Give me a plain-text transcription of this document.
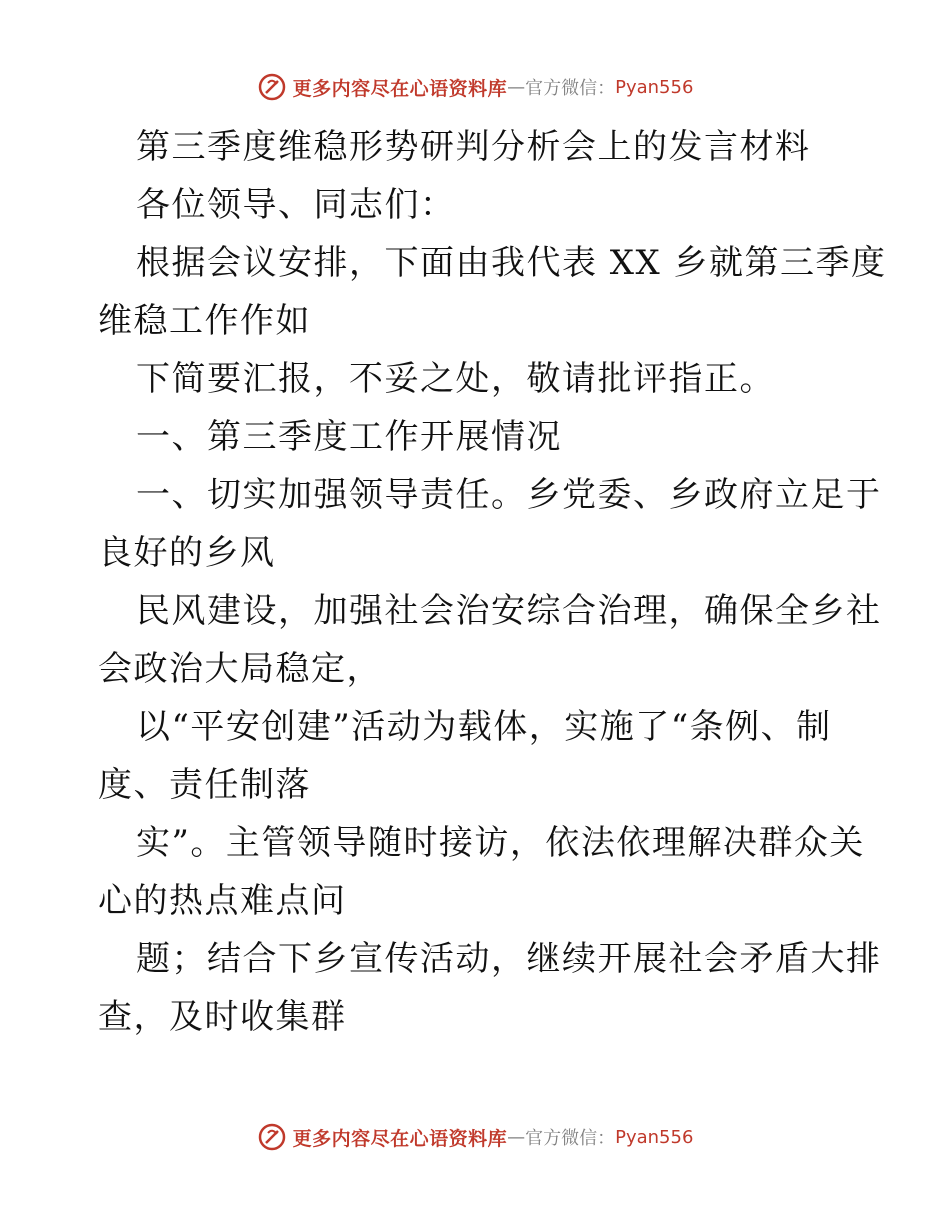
更多内容尽在心语资料库 — 官方微信： Pyan556
第三季度维稳形势研判分析会上的发言材料
各位领导、同志们：
根据会议安排，下面由我代表 XX 乡就第三季度
维稳工作作如
下简要汇报，不妥之处，敬请批评指正。
一、第三季度工作开展情况
一、切实加强领导责任。乡党委、乡政府立足于
良好的乡风
民风建设，加强社会治安综合治理，确保全乡社
会政治大局稳定，
以“平安创建”活动为载体，实施了“条例、制
度、责任制落
实”。主管领导随时接访，依法依理解决群众关
心的热点难点问
题；结合下乡宣传活动，继续开展社会矛盾大排
查，及时收集群
更多内容尽在心语资料库 — 官方微信： Pyan556
